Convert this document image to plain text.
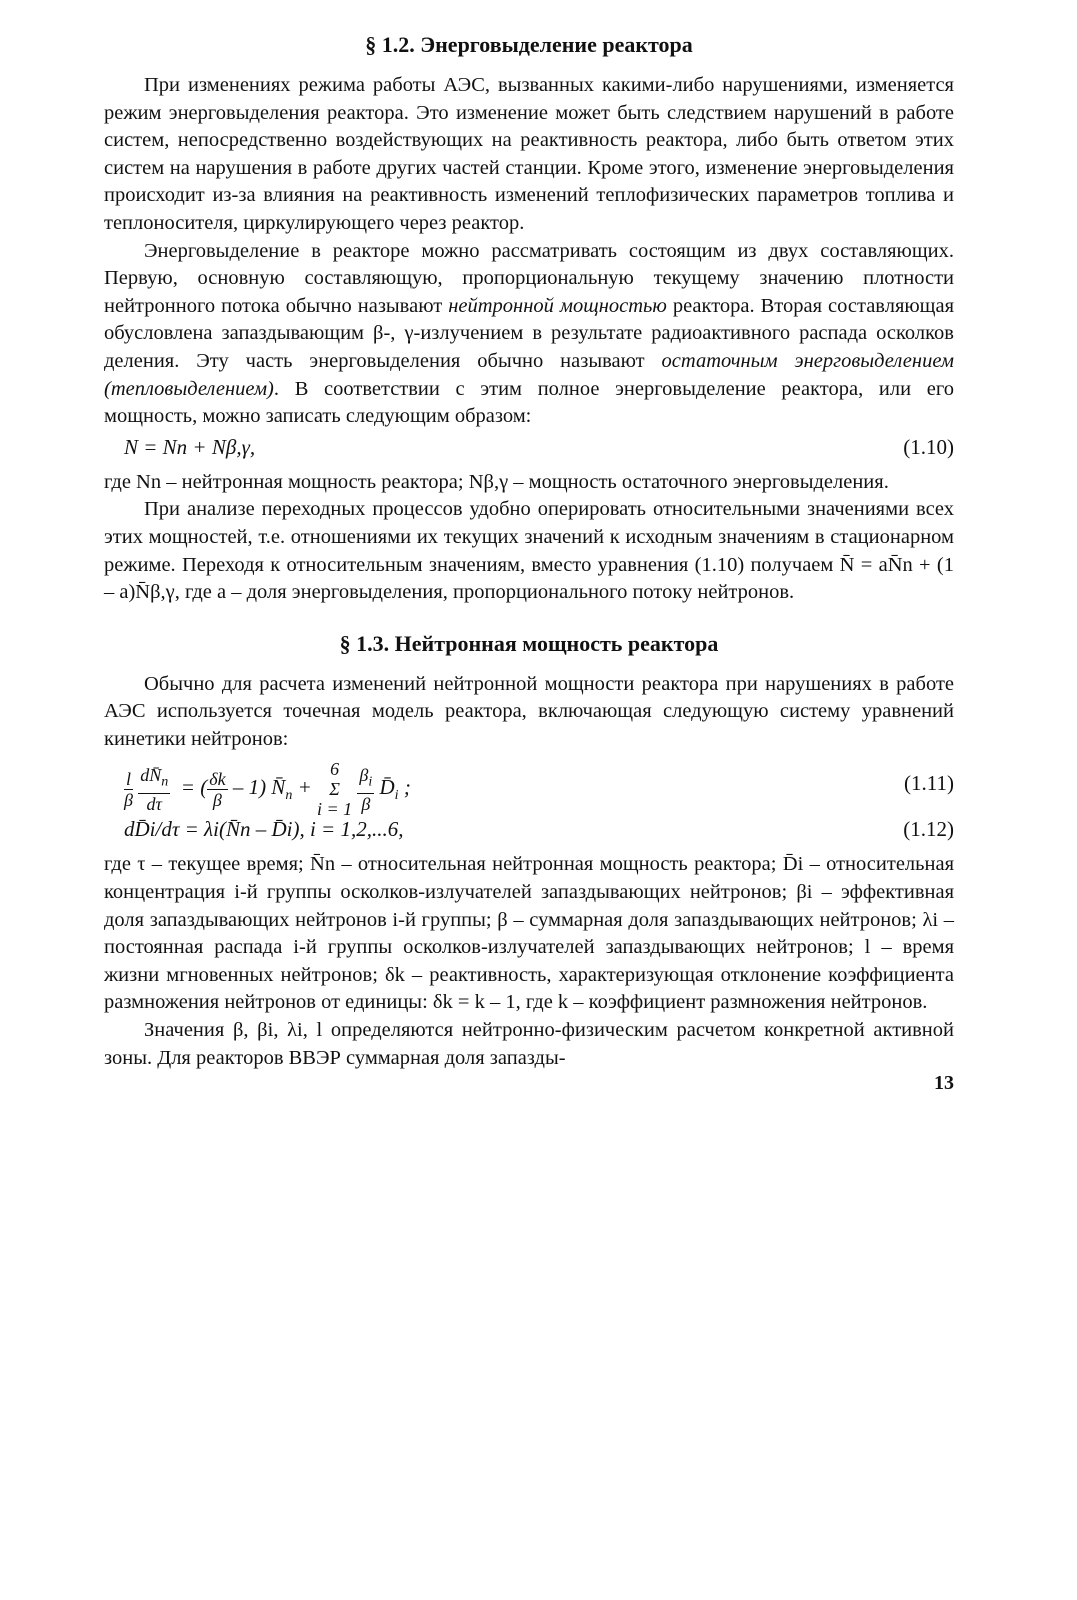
§ 1.2. Энерговыделение реактора

При изменениях режима работы АЭС, вызванных какими-либо нарушениями, изменяется режим энерговыделения реактора. Это изменение может быть следствием нарушений в работе систем, непосредственно воздействующих на реактивность реактора, либо быть ответом этих систем на нарушения в работе других частей станции. Кроме этого, изменение энерговыделения происходит из-за влияния на реактивность изменений теплофизических параметров топлива и теплоносителя, циркулирующего через реактор.

Энерговыделение в реакторе можно рассматривать состоящим из двух составляющих. Первую, основную составляющую, пропорциональную текущему значению плотности нейтронного потока обычно называют нейтронной мощностью реактора. Вторая составляющая обусловлена запаздывающим β-, γ-излучением в результате радиоактивного распада осколков деления. Эту часть энерговыделения обычно называют остаточным энерговыделением (тепловыделением). В соответствии с этим полное энерговыделение реактора, или его мощность, можно записать следующим образом:

N = Nn + Nβ,γ,	(1.10)

где Nn – нейтронная мощность реактора; Nβ,γ – мощность остаточного энерговыделения.

При анализе переходных процессов удобно оперировать относительными значениями всех этих мощностей, т.е. отношениями их текущих значений к исходным значениям в стационарном режиме. Переходя к относительным значениям, вместо уравнения (1.10) получаем N̄ = aN̄n + (1 – a)N̄β,γ, где a – доля энерговыделения, пропорционального потоку нейтронов.

§ 1.3. Нейтронная мощность реактора

Обычно для расчета изменений нейтронной мощности реактора при нарушениях в работе АЭС используется точечная модель реактора, включающая следующую систему уравнений кинетики нейтронов:

$\frac{l}{\beta}$
$\frac{dN̄_n}{d\tau}$ = ( $\frac{\delta k}{\beta} - 1$) $N̄_n$ +
6
Σ
i = 1
$\frac{\beta_i}{\beta}$ $D̄_i$ ;	(1.11)
dD̄i/dτ = λi(N̄n – D̄i), i = 1,2,...6,	(1.12)

где τ – текущее время; N̄n – относительная нейтронная мощность реактора; D̄i – относительная концентрация i-й группы осколков-излучателей запаздывающих нейтронов; βi – эффективная доля запаздывающих нейтронов i-й группы; β – суммарная доля запаздывающих нейтронов; λi – постоянная распада i-й группы осколков-излучателей запаздывающих нейтронов; l – время жизни мгновенных нейтронов; δk – реактивность, характеризующая отклонение коэффициента размножения нейтронов от единицы: δk = k – 1, где k – коэффициент размножения нейтронов.

Значения β, βi, λi, l определяются нейтронно-физическим расчетом конкретной активной зоны. Для реакторов ВВЭР суммарная доля запазды-

13
